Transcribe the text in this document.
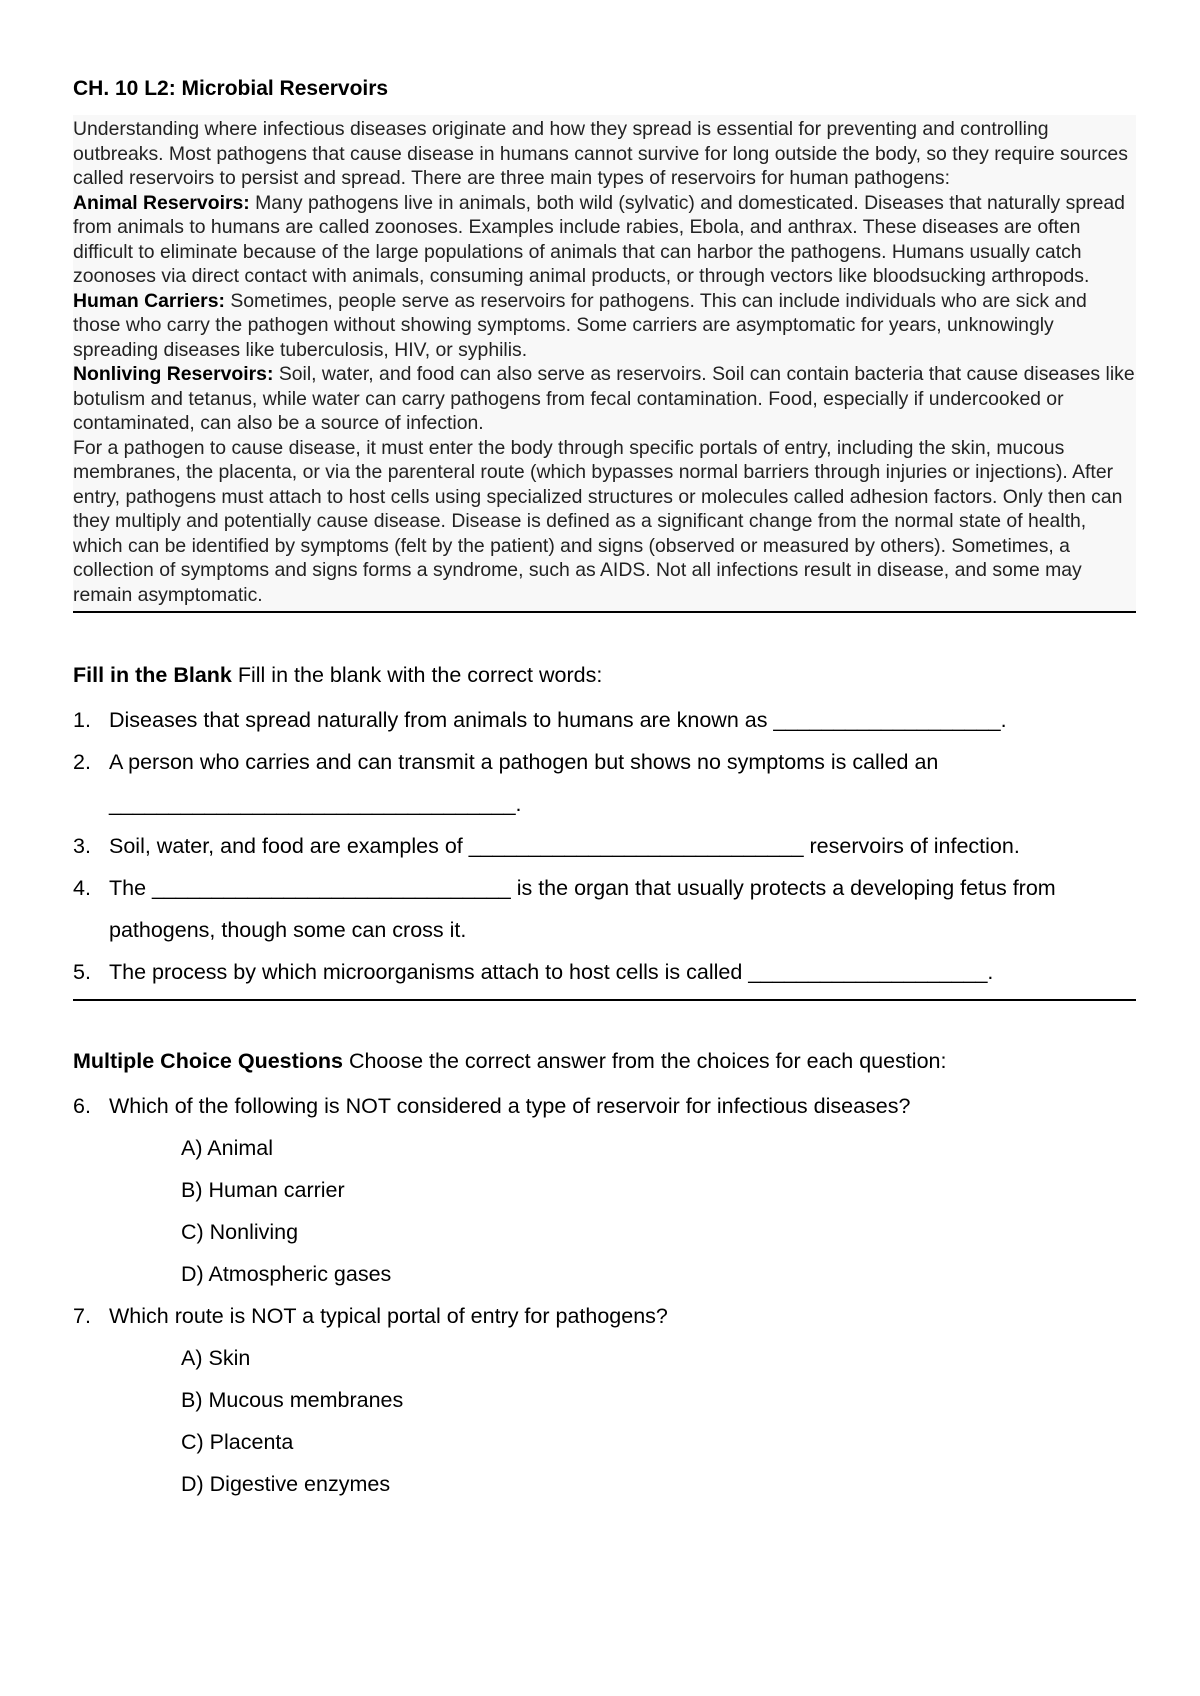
CH. 10 L2: Microbial Reservoirs

Understanding where infectious diseases originate and how they spread is essential for preventing and controlling outbreaks. Most pathogens that cause disease in humans cannot survive for long outside the body, so they require sources called reservoirs to persist and spread. There are three main types of reservoirs for human pathogens:

Animal Reservoirs: Many pathogens live in animals, both wild (sylvatic) and domesticated. Diseases that naturally spread from animals to humans are called zoonoses. Examples include rabies, Ebola, and anthrax. These diseases are often difficult to eliminate because of the large populations of animals that can harbor the pathogens. Humans usually catch zoonoses via direct contact with animals, consuming animal products, or through vectors like bloodsucking arthropods.

Human Carriers: Sometimes, people serve as reservoirs for pathogens. This can include individuals who are sick and those who carry the pathogen without showing symptoms. Some carriers are asymptomatic for years, unknowingly spreading diseases like tuberculosis, HIV, or syphilis.

Nonliving Reservoirs: Soil, water, and food can also serve as reservoirs. Soil can contain bacteria that cause diseases like botulism and tetanus, while water can carry pathogens from fecal contamination. Food, especially if undercooked or contaminated, can also be a source of infection.

For a pathogen to cause disease, it must enter the body through specific portals of entry, including the skin, mucous membranes, the placenta, or via the parenteral route (which bypasses normal barriers through injuries or injections). After entry, pathogens must attach to host cells using specialized structures or molecules called adhesion factors. Only then can they multiply and potentially cause disease. Disease is defined as a significant change from the normal state of health, which can be identified by symptoms (felt by the patient) and signs (observed or measured by others). Sometimes, a collection of symptoms and signs forms a syndrome, such as AIDS. Not all infections result in disease, and some may remain asymptomatic.

Fill in the Blank Fill in the blank with the correct words:
1. Diseases that spread naturally from animals to humans are known as ___________________.
2. A person who carries and can transmit a pathogen but shows no symptoms is called an __________________________________.
3. Soil, water, and food are examples of ____________________________ reservoirs of infection.
4. The ______________________________ is the organ that usually protects a developing fetus from pathogens, though some can cross it.
5. The process by which microorganisms attach to host cells is called ____________________.
Multiple Choice Questions Choose the correct answer from the choices for each question:
6. Which of the following is NOT considered a type of reservoir for infectious diseases?
A) Animal
B) Human carrier
C) Nonliving
D) Atmospheric gases
7. Which route is NOT a typical portal of entry for pathogens?
A) Skin
B) Mucous membranes
C) Placenta
D) Digestive enzymes
